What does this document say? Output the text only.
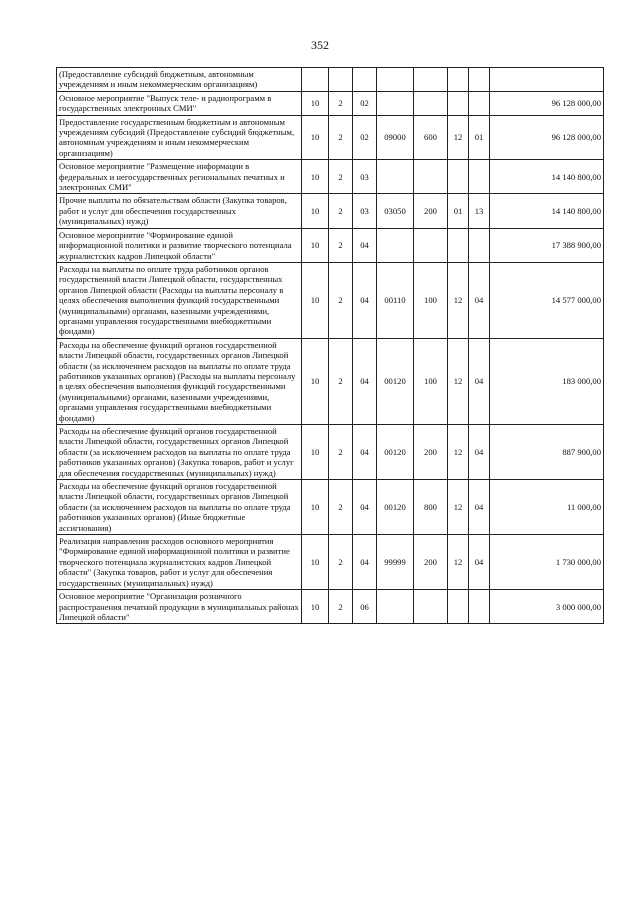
352
(Предоставление субсидий бюджетным, автономным учреждениям и иным некоммерческим организациям)								
Основное мероприятие "Выпуск теле- и радиопрограмм в государственных электронных СМИ"	10	2	02					96 128 000,00
Предоставление государственным бюджетным и автономным учреждениям субсидий (Предоставление субсидий бюджетным, автономным учреждениям и иным некоммерческим организациям)	10	2	02	09000	600	12	01	96 128 000,00
Основное мероприятие "Размещение информации в федеральных и негосударственных региональных печатных и электронных СМИ"	10	2	03					14 140 800,00
Прочие выплаты по обязательствам области (Закупка товаров, работ и услуг для обеспечения государственных (муниципальных) нужд)	10	2	03	03050	200	01	13	14 140 800,00
Основное мероприятие "Формирование единой информационной политики и развитие творческого потенциала журналистских кадров Липецкой области"	10	2	04					17 388 900,00
Расходы на выплаты по оплате труда работников органов государственной власти Липецкой области, государственных органов Липецкой области (Расходы на выплаты персоналу в целях обеспечения выполнения функций государственными (муниципальными) органами, казенными учреждениями, органами управления государственными внебюджетными фондами)	10	2	04	00110	100	12	04	14 577 000,00
Расходы на обеспечение функций органов государственной власти Липецкой области, государственных органов Липецкой области (за исключением расходов на выплаты по оплате труда работников указанных органов) (Расходы на выплаты персоналу в целях обеспечения выполнения функций государственными (муниципальными) органами, казенными учреждениями, органами управления государственными внебюджетными фондами)	10	2	04	00120	100	12	04	183 000,00
Расходы на обеспечение функций органов государственной власти Липецкой области, государственных органов Липецкой области (за исключением расходов на выплаты по оплате труда работников указанных органов) (Закупка товаров, работ и услуг для обеспечения государственных (муниципальных) нужд)	10	2	04	00120	200	12	04	887 900,00
Расходы на обеспечение функций органов государственной власти Липецкой области, государственных органов Липецкой области (за исключением расходов на выплаты по оплате труда работников указанных органов) (Иные бюджетные ассигнования)	10	2	04	00120	800	12	04	11 000,00
Реализация направления расходов основного мероприятия "Формирование единой информационной политики и развитие творческого потенциала журналистских кадров Липецкой области" (Закупка товаров, работ и услуг для обеспечения государственных (муниципальных) нужд)	10	2	04	99999	200	12	04	1 730 000,00
Основное мероприятие "Организация розничного распространения печатной продукции в муниципальных районах Липецкой области"	10	2	06					3 000 000,00
